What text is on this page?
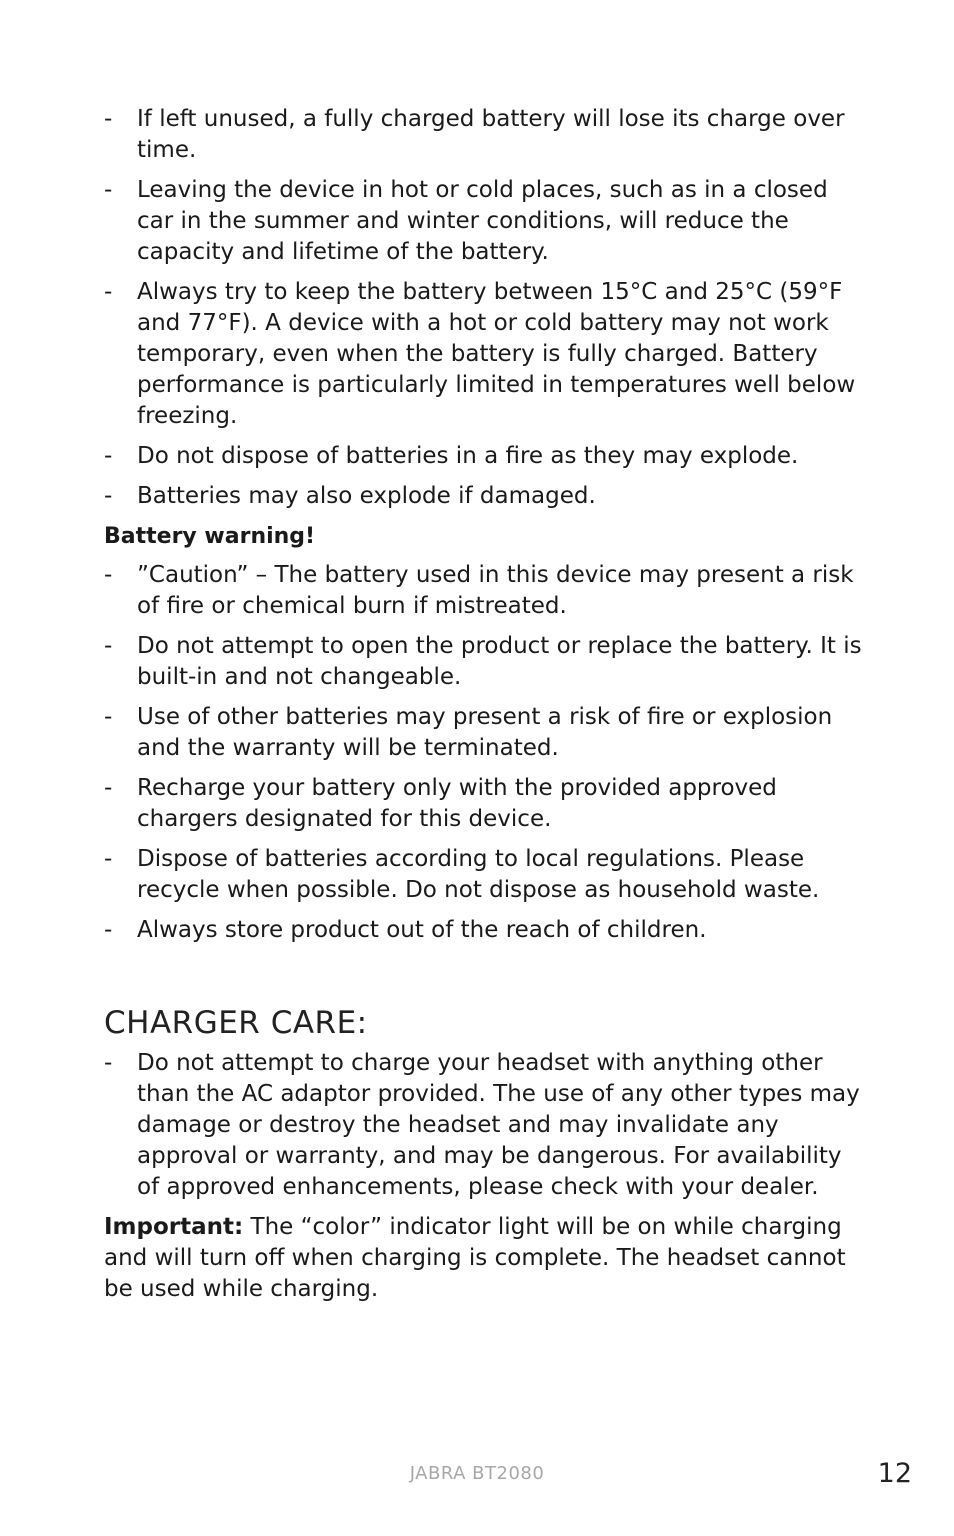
- If left unused, a fully charged battery will lose its charge over time.
- Leaving the device in hot or cold places, such as in a closed car in the summer and winter conditions, will reduce the capacity and lifetime of the battery.
- Always try to keep the battery between 15°C and 25°C (59°F and 77°F). A device with a hot or cold battery may not work temporary, even when the battery is fully charged. Battery performance is particularly limited in temperatures well below freezing.
- Do not dispose of batteries in a fire as they may explode.
- Batteries may also explode if damaged.
Battery warning!
- ”Caution” – The battery used in this device may present a risk of fire or chemical burn if mistreated.
- Do not attempt to open the product or replace the battery. It is built-in and not changeable.
- Use of other batteries may present a risk of fire or explosion and the warranty will be terminated.
- Recharge your battery only with the provided approved chargers designated for this device.
- Dispose of batteries according to local regulations. Please recycle when possible. Do not dispose as household waste.
- Always store product out of the reach of children.
CHARGER CARE:
- Do not attempt to charge your headset with anything other than the AC adaptor provided. The use of any other types may damage or destroy the headset and may invalidate any approval or warranty, and may be dangerous. For availability of approved enhancements, please check with your dealer.

Important: The “color” indicator light will be on while charging and will turn off when charging is complete. The headset cannot be used while charging.

JABRA BT2080	12
